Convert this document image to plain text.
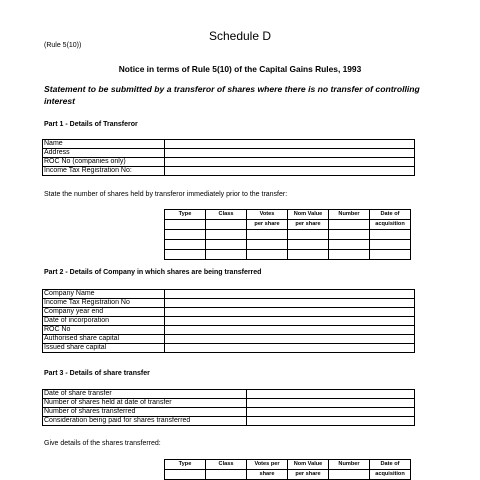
Schedule D
(Rule 5(10))
Notice in terms of Rule 5(10) of the Capital Gains Rules, 1993
Statement to be submitted by a transferor of shares where there is no transfer of controlling interest
Part 1 - Details of Transferor
Name	
Address	
ROC No (companies only)	
Income Tax Registration No:	
State the number of shares held by transferor immediately prior to the transfer:
Type	Class	Votes	Nom Value	Number	Date of
		per share	per share		acquisition

Part 2 - Details of Company in which shares are being transferred
Company Name	
Income Tax Registration No	
Company year end	
Date of incorporation	
ROC No	
Authorised share capital	
Issued share capital	
Part 3 - Details of share transfer
Date of share transfer	
Number of shares held at date of transfer	
Number of shares transferred	
Consideration being paid for shares transferred	
Give details of the shares transferred:
Type	Class	Votes per	Nom Value	Number	Date of
		share	per share		acquisition
